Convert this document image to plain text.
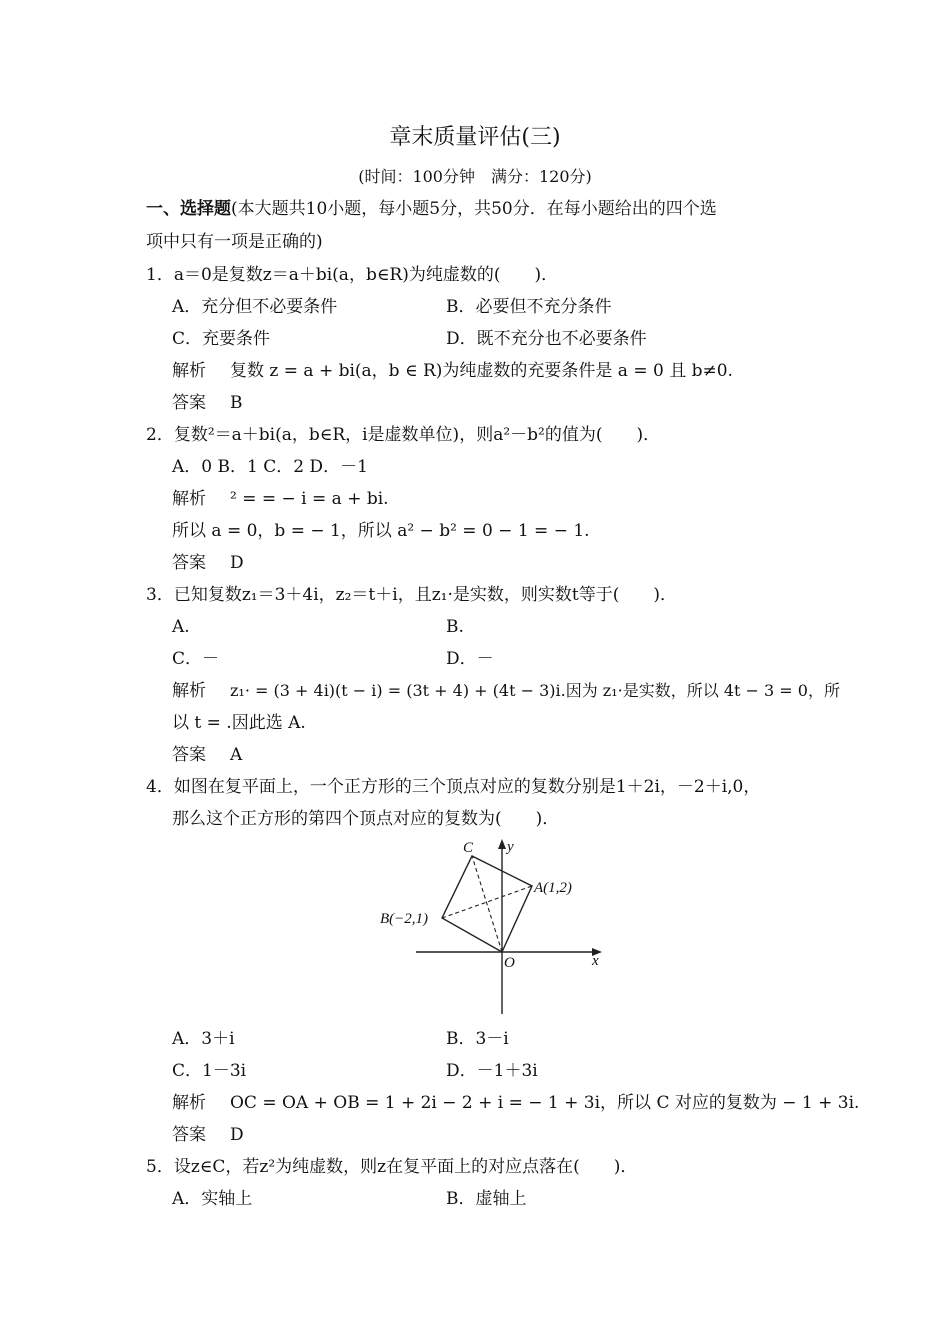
章末质量评估(三)
(时间：100分钟　满分：120分)
一、选择题(本大题共10小题，每小题5分，共50分．在每小题给出的四个选
项中只有一项是正确的)
1．a＝0是复数z＝a＋bi(a，b∈R)为纯虚数的(　　)．
A．充分但不必要条件	B．必要但不充分条件
C．充要条件	D．既不充分也不必要条件
解析 复数 z = a + bi(a，b ∈ R)为纯虚数的充要条件是 a = 0 且 b≠0.
答案 B
2．复数²＝a＋bi(a，b∈R，i是虚数单位)，则a²－b²的值为(　　)．
A．0 B．1 C．2 D．－1
解析 ² = = − i = a + bi.
所以 a = 0，b = − 1，所以 a² − b² = 0 − 1 = − 1.
答案 D
3．已知复数z₁＝3＋4i，z₂＝t＋i，且z₁·是实数，则实数t等于(　　)．
A.	B.
C．－	D．－
解析 z₁· = (3 + 4i)(t − i) = (3t + 4) + (4t − 3)i.因为 z₁·是实数，所以 4t − 3 = 0，所
以 t = .因此选 A.
答案 A
4．如图在复平面上，一个正方形的三个顶点对应的复数分别是1＋2i，－2＋i,0，
那么这个正方形的第四个顶点对应的复数为(　　)．
C y
A(1,2)
B(−2,1)
O	x
A．3＋i	B．3－i
C．1－3i	D．－1＋3i
解析 OC = OA + OB = 1 + 2i − 2 + i = − 1 + 3i，所以 C 对应的复数为 − 1 + 3i.
答案 D
5．设z∈C，若z²为纯虚数，则z在复平面上的对应点落在(　　)．
A．实轴上	B．虚轴上
